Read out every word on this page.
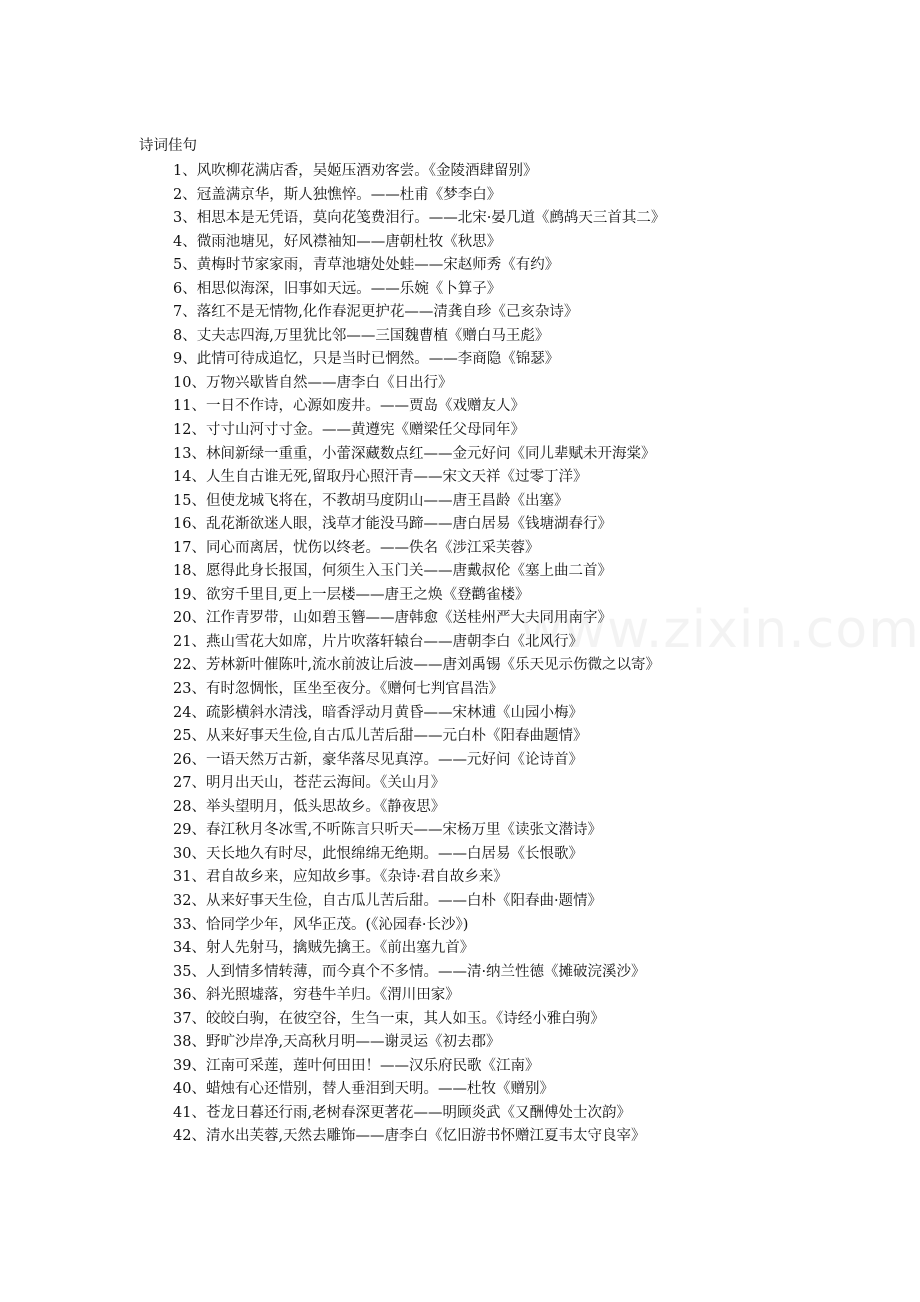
诗词佳句
1、风吹柳花满店香，吴姬压酒劝客尝。《金陵酒肆留别》
2、冠盖满京华，斯人独憔悴。——杜甫《梦李白》
3、相思本是无凭语，莫向花笺费泪行。——北宋·晏几道《鹧鸪天三首其二》
4、微雨池塘见，好风襟袖知——唐朝杜牧《秋思》
5、黄梅时节家家雨，青草池塘处处蛙——宋赵师秀《有约》
6、相思似海深，旧事如天远。——乐婉《卜算子》
7、落红不是无情物,化作春泥更护花——清龚自珍《己亥杂诗》
8、丈夫志四海,万里犹比邻——三国魏曹植《赠白马王彪》
9、此情可待成追忆，只是当时已惘然。——李商隐《锦瑟》
10、万物兴歇皆自然——唐李白《日出行》
11、一日不作诗，心源如废井。——贾岛《戏赠友人》
12、寸寸山河寸寸金。——黄遵宪《赠梁任父母同年》
13、林间新绿一重重，小蕾深藏数点红——金元好问《同儿辈赋未开海棠》
14、人生自古谁无死,留取丹心照汗青——宋文天祥《过零丁洋》
15、但使龙城飞将在，不教胡马度阴山——唐王昌龄《出塞》
16、乱花渐欲迷人眼，浅草才能没马蹄——唐白居易《钱塘湖春行》
17、同心而离居，忧伤以终老。——佚名《涉江采芙蓉》
18、愿得此身长报国，何须生入玉门关——唐戴叔伦《塞上曲二首》
19、欲穷千里目,更上一层楼——唐王之焕《登鹳雀楼》
20、江作青罗带，山如碧玉簪——唐韩愈《送桂州严大夫同用南字》
21、燕山雪花大如席，片片吹落轩辕台——唐朝李白《北风行》
22、芳林新叶催陈叶,流水前波让后波——唐刘禹锡《乐天见示伤微之以寄》
23、有时忽惆怅，匡坐至夜分。《赠何七判官昌浩》
24、疏影横斜水清浅，暗香浮动月黄昏——宋林逋《山园小梅》
25、从来好事天生俭,自古瓜儿苦后甜——元白朴《阳春曲题情》
26、一语天然万古新，豪华落尽见真淳。——元好问《论诗首》
27、明月出天山，苍茫云海间。《关山月》
28、举头望明月，低头思故乡。《静夜思》
29、春江秋月冬冰雪,不听陈言只听天——宋杨万里《读张文潜诗》
30、天长地久有时尽，此恨绵绵无绝期。——白居易《长恨歌》
31、君自故乡来，应知故乡事。《杂诗·君自故乡来》
32、从来好事天生俭，自古瓜儿苦后甜。——白朴《阳春曲·题情》
33、恰同学少年，风华正茂。(《沁园春·长沙》)
34、射人先射马，擒贼先擒王。《前出塞九首》
35、人到情多情转薄，而今真个不多情。——清·纳兰性德《摊破浣溪沙》
36、斜光照墟落，穷巷牛羊归。《渭川田家》
37、皎皎白驹，在彼空谷，生刍一束，其人如玉。《诗经小雅白驹》
38、野旷沙岸净,天高秋月明——谢灵运《初去郡》
39、江南可采莲，莲叶何田田！——汉乐府民歌《江南》
40、蜡烛有心还惜别，替人垂泪到天明。——杜牧《赠别》
41、苍龙日暮还行雨,老树春深更著花——明顾炎武《又酬傅处士次韵》
42、清水出芙蓉,天然去雕饰——唐李白《忆旧游书怀赠江夏韦太守良宰》
